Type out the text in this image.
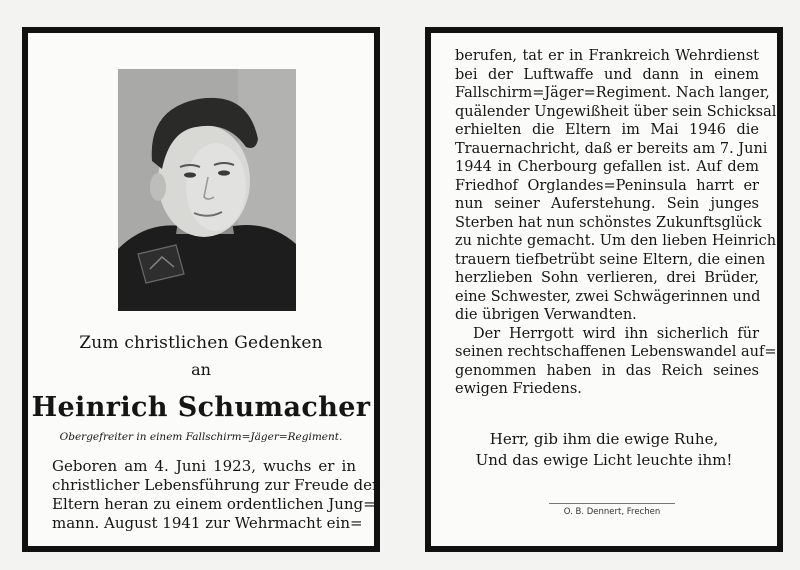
Zum christlichen Gedenken
an
Heinrich Schumacher
Obergefreiter in einem Fallschirm=Jäger=Regiment.
Geboren am 4. Juni 1923, wuchs er in
christlicher Lebensführung zur Freude der
Eltern heran zu einem ordentlichen Jung=
mann. August 1941 zur Wehrmacht ein=
berufen, tat er in Frankreich Wehrdienst
bei der Luftwaffe und dann in einem
Fallschirm=Jäger=Regiment. Nach langer,
quälender Ungewißheit über sein Schicksal
erhielten die Eltern im Mai 1946 die
Trauernachricht, daß er bereits am 7. Juni
1944 in Cherbourg gefallen ist. Auf dem
Friedhof Orglandes=Peninsula harrt er
nun seiner Auferstehung. Sein junges
Sterben hat nun schönstes Zukunftsglück
zu nichte gemacht. Um den lieben Heinrich
trauern tiefbetrübt seine Eltern, die einen
herzlieben Sohn verlieren, drei Brüder,
eine Schwester, zwei Schwägerinnen und
die übrigen Verwandten.
Der Herrgott wird ihn sicherlich für
seinen rechtschaffenen Lebenswandel auf=
genommen haben in das Reich seines
ewigen Friedens.
Herr, gib ihm die ewige Ruhe,
Und das ewige Licht leuchte ihm!
O. B. Dennert, Frechen
